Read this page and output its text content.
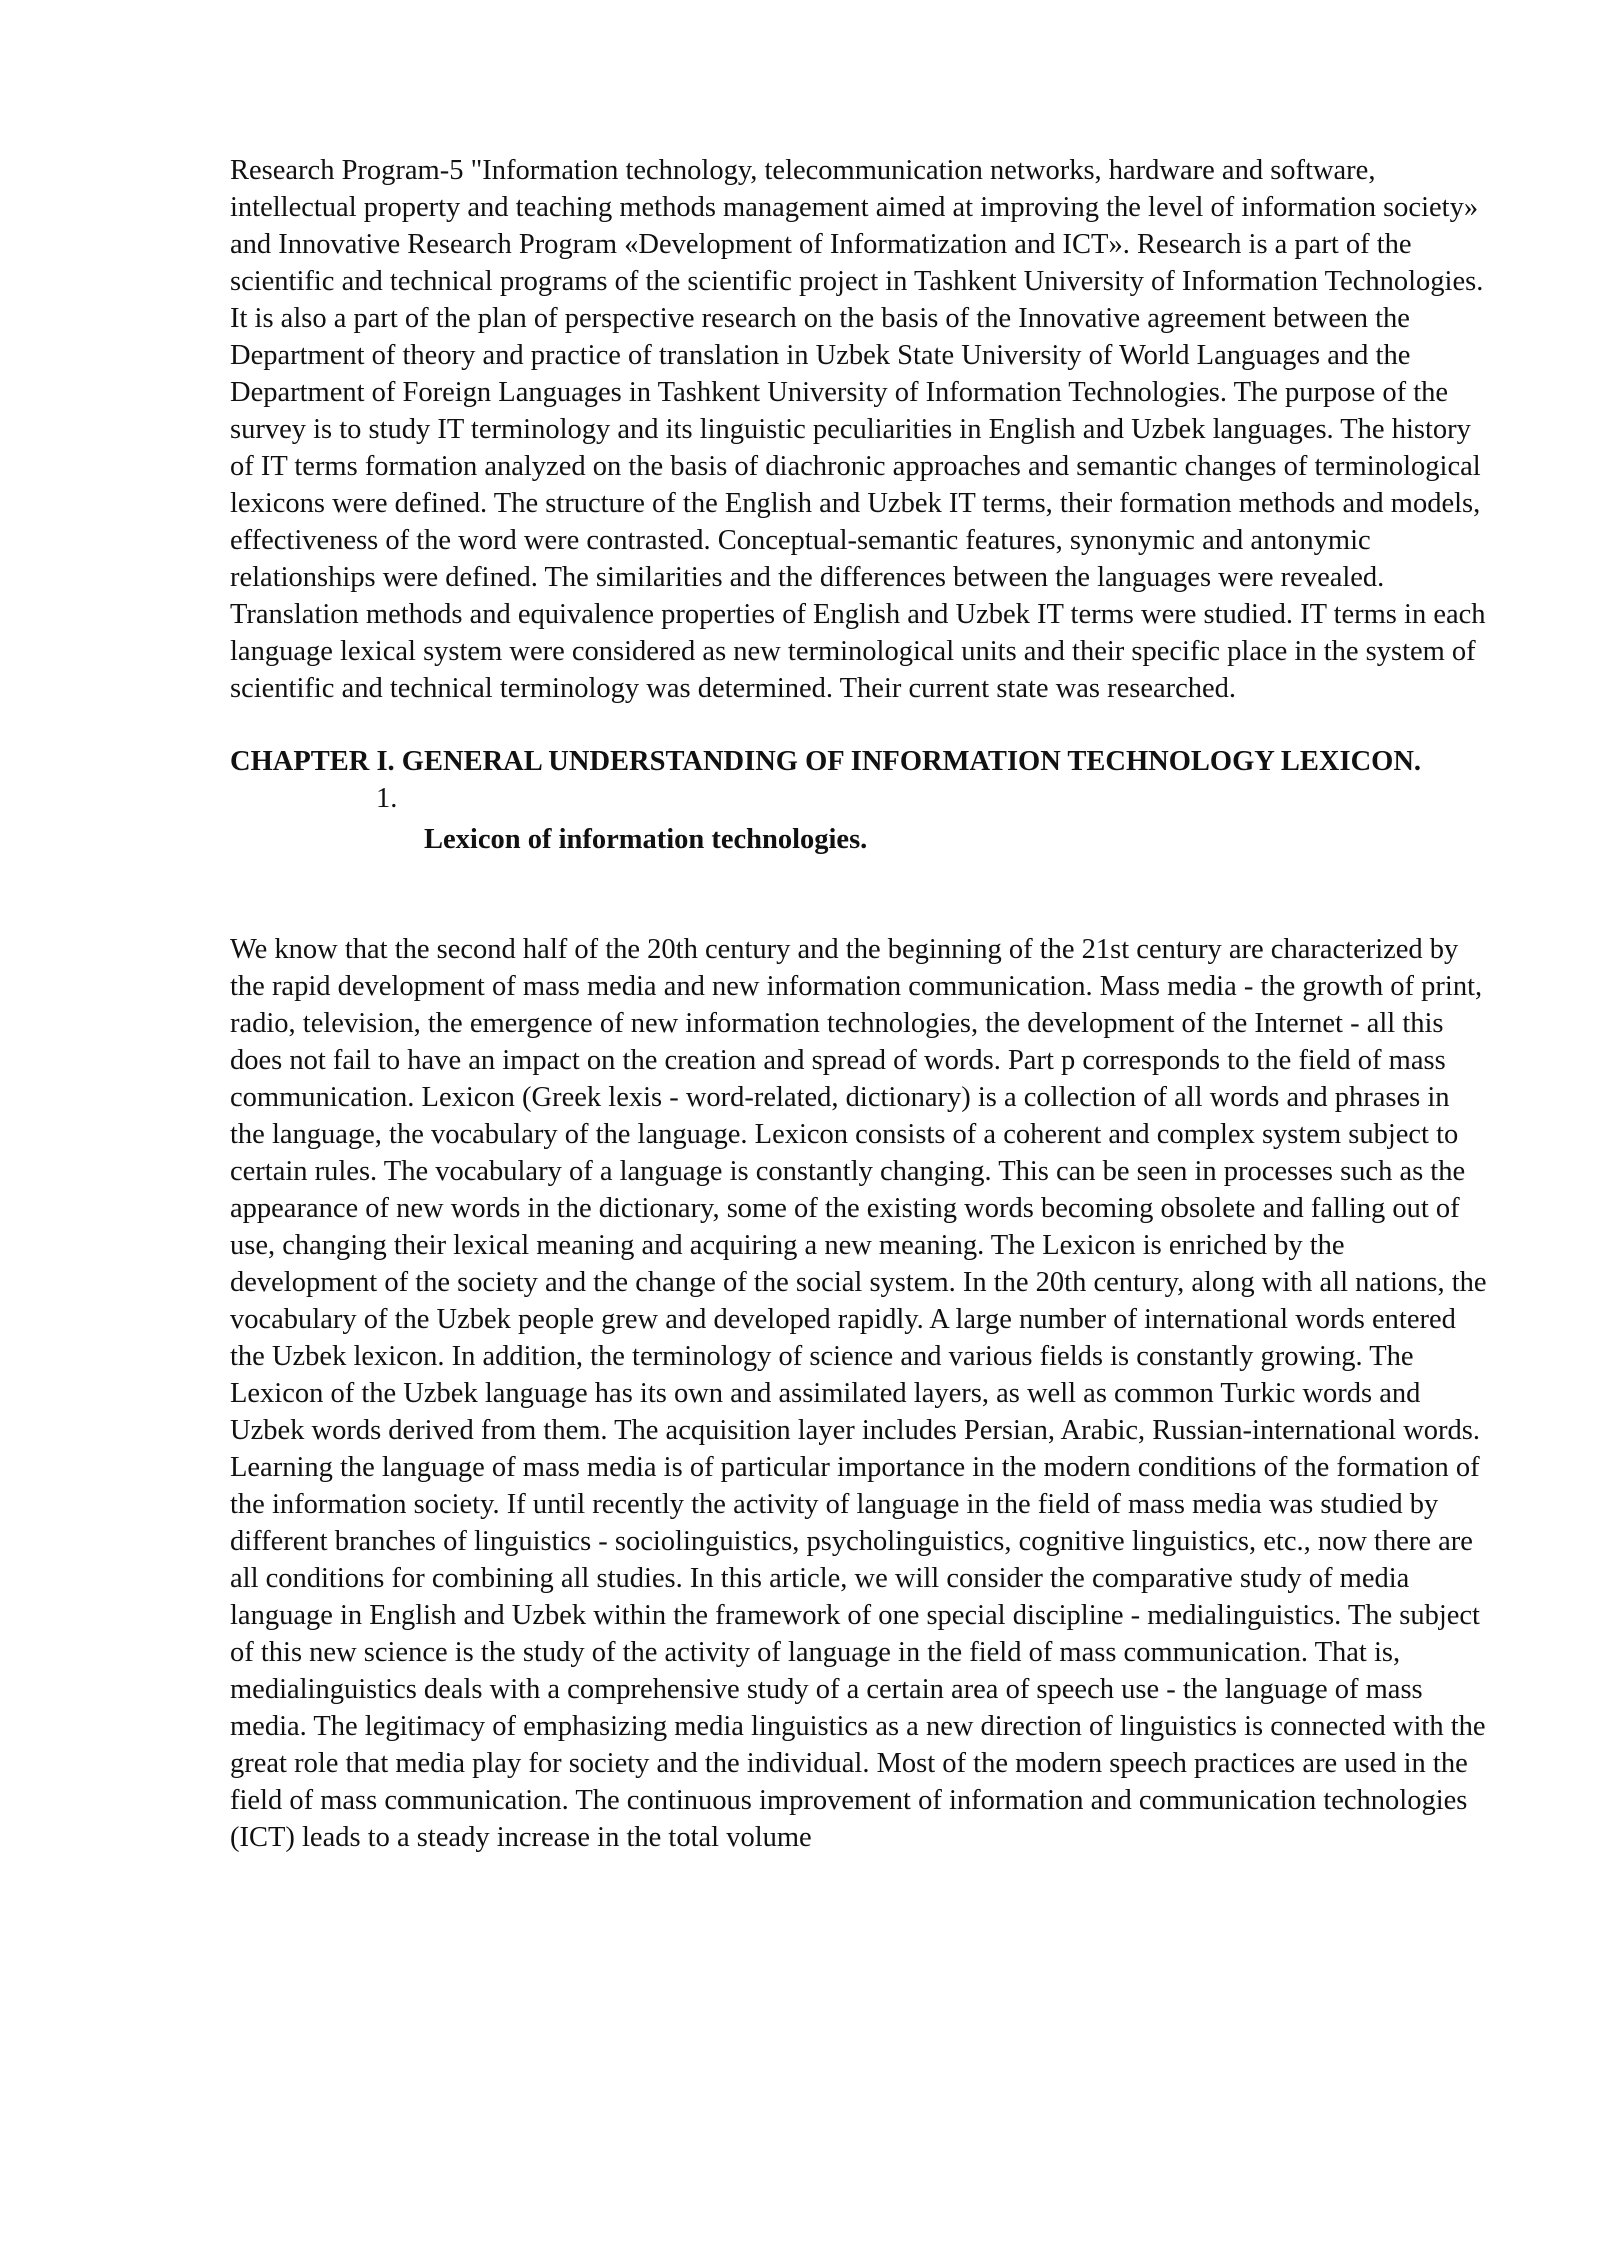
Research Program-5 "Information technology, telecommunication networks, hardware and software, intellectual property and teaching methods management aimed at improving the level of information society» and Innovative Research Program «Development of Informatization and ICT». Research is a part of the scientific and technical programs of the scientific project in Tashkent University of Information Technologies. It is also a part of the plan of perspective research on the basis of the Innovative agreement between the Department of theory and practice of translation in Uzbek State University of World Languages and the Department of Foreign Languages in Tashkent University of Information Technologies. The purpose of the survey is to study IT terminology and its linguistic peculiarities in English and Uzbek languages. The history of IT terms formation analyzed on the basis of diachronic approaches and semantic changes of terminological lexicons were defined. The structure of the English and Uzbek IT terms, their formation methods and models, effectiveness of the word were contrasted. Conceptual-semantic features, synonymic and antonymic relationships were defined. The similarities and the differences between the languages were revealed. Translation methods and equivalence properties of English and Uzbek IT terms were studied. IT terms in each language lexical system were considered as new terminological units and their specific place in the system of scientific and technical terminology was determined. Their current state was researched.

CHAPTER I. GENERAL UNDERSTANDING OF INFORMATION TECHNOLOGY LEXICON.

1.

Lexicon of information technologies.

We know that the second half of the 20th century and the beginning of the 21st century are characterized by the rapid development of mass media and new information communication. Mass media - the growth of print, radio, television, the emergence of new information technologies, the development of the Internet - all this does not fail to have an impact on the creation and spread of words. Part p corresponds to the field of mass communication. Lexicon (Greek lexis - word-related, dictionary) is a collection of all words and phrases in the language, the vocabulary of the language. Lexicon consists of a coherent and complex system subject to certain rules. The vocabulary of a language is constantly changing. This can be seen in processes such as the appearance of new words in the dictionary, some of the existing words becoming obsolete and falling out of use, changing their lexical meaning and acquiring a new meaning. The Lexicon is enriched by the development of the society and the change of the social system. In the 20th century, along with all nations, the vocabulary of the Uzbek people grew and developed rapidly. A large number of international words entered the Uzbek lexicon. In addition, the terminology of science and various fields is constantly growing. The Lexicon of the Uzbek language has its own and assimilated layers, as well as common Turkic words and Uzbek words derived from them. The acquisition layer includes Persian, Arabic, Russian-international words. Learning the language of mass media is of particular importance in the modern conditions of the formation of the information society. If until recently the activity of language in the field of mass media was studied by different branches of linguistics - sociolinguistics, psycholinguistics, cognitive linguistics, etc., now there are all conditions for combining all studies. In this article, we will consider the comparative study of media language in English and Uzbek within the framework of one special discipline - medialinguistics. The subject of this new science is the study of the activity of language in the field of mass communication. That is, medialinguistics deals with a comprehensive study of a certain area of speech use - the language of mass media. The legitimacy of emphasizing media linguistics as a new direction of linguistics is connected with the great role that media play for society and the individual. Most of the modern speech practices are used in the field of mass communication. The continuous improvement of information and communication technologies (ICT) leads to a steady increase in the total volume
